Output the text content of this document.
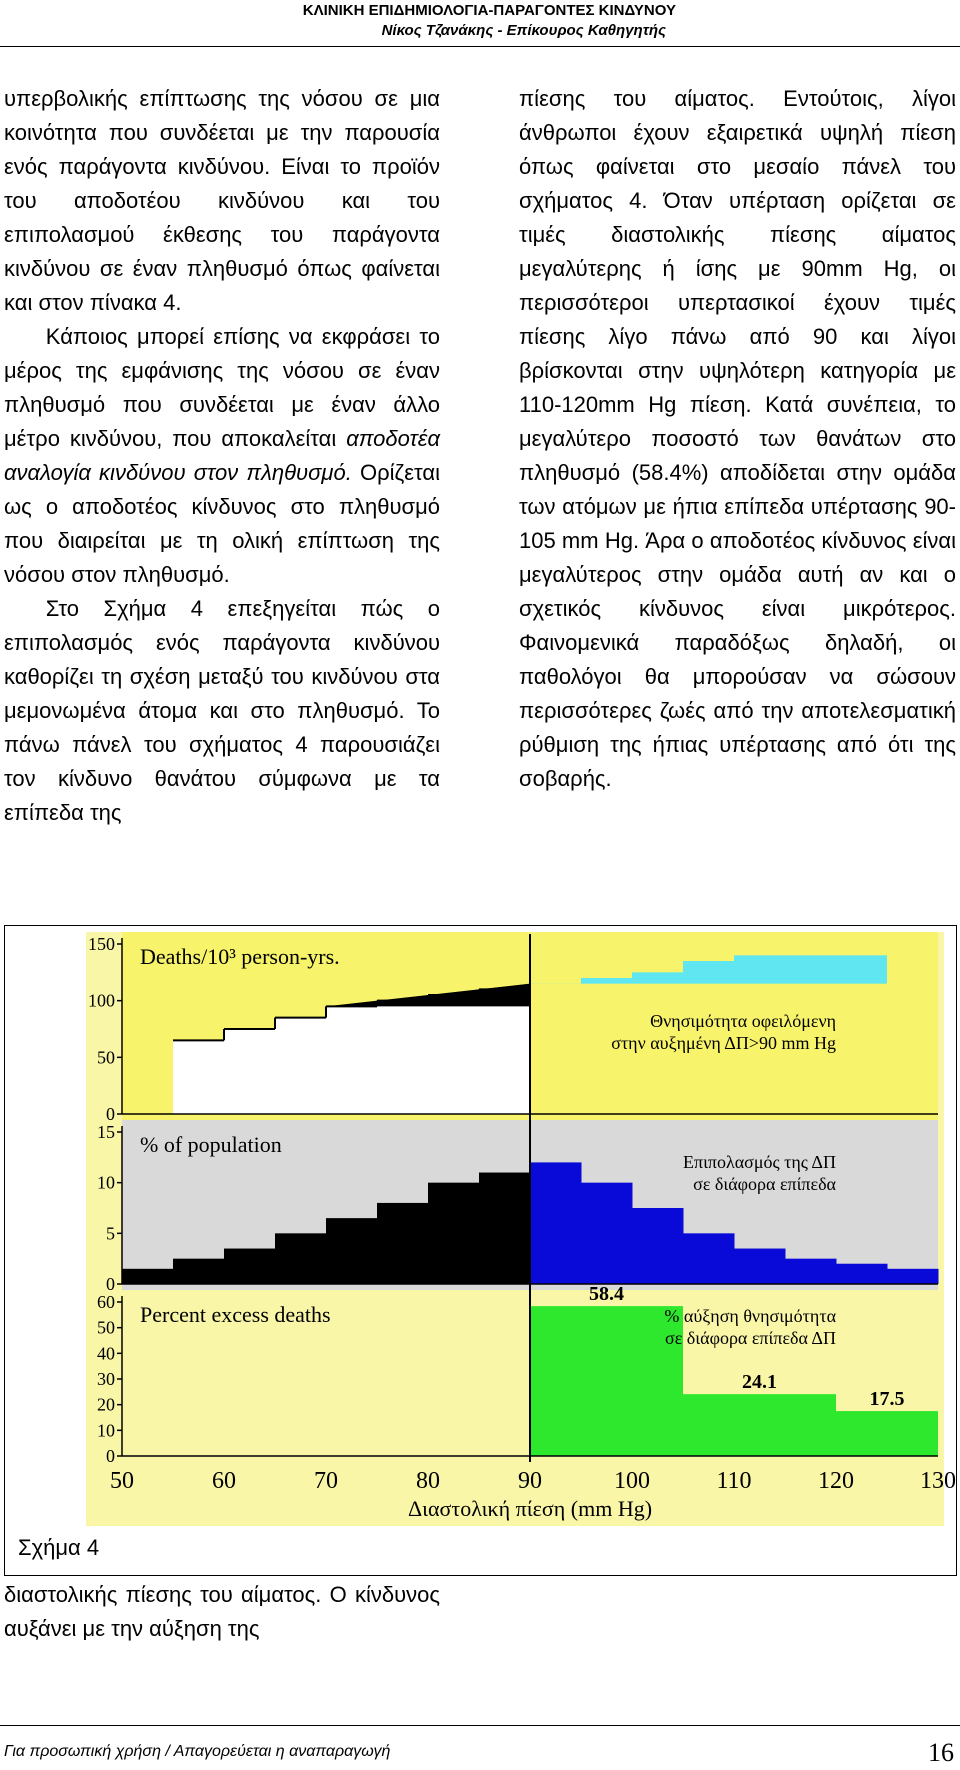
ΚΛΙΝΙΚΗ ΕΠΙΔΗΜΙΟΛΟΓΙΑ-ΠΑΡΑΓΟΝΤΕΣ ΚΙΝΔΥΝΟΥ
Νίκος Τζανάκης - Επίκουρος Καθηγητής

υπερβολικής επίπτωσης της νόσου σε μια κοινότητα που συνδέεται με την παρουσία ενός παράγοντα κινδύνου. Είναι το προϊόν του αποδοτέου κινδύνου και του επιπολασμού έκθεσης του παράγοντα κινδύνου σε έναν πληθυσμό όπως φαίνεται και στον πίνακα 4.

Κάποιος μπορεί επίσης να εκφράσει το μέρος της εμφάνισης της νόσου σε έναν πληθυσμό που συνδέεται με έναν άλλο μέτρο κινδύνου, που αποκαλείται αποδοτέα αναλογία κινδύνου στον πληθυσμό. Ορίζεται ως ο αποδοτέος κίνδυνος στο πληθυσμό που διαιρείται με τη ολική επίπτωση της νόσου στον πληθυσμό.

Στο Σχήμα 4 επεξηγείται πώς ο επιπολασμός ενός παράγοντα κινδύνου καθορίζει τη σχέση μεταξύ του κινδύνου στα μεμονωμένα άτομα και στο πληθυσμό. Το πάνω πάνελ του σχήματος 4 παρουσιάζει τον κίνδυνο θανάτου σύμφωνα με τα επίπεδα της

πίεσης του αίματος. Εντούτοις, λίγοι άνθρωποι έχουν εξαιρετικά υψηλή πίεση όπως φαίνεται στο μεσαίο πάνελ του σχήματος 4. Όταν υπέρταση ορίζεται σε τιμές διαστολικής πίεσης αίματος μεγαλύτερης ή ίσης με 90mm Hg, οι περισσότεροι υπερτασικοί έχουν τιμές πίεσης λίγο πάνω από 90 και λίγοι βρίσκονται στην υψηλότερη κατηγορία με 110-120mm Hg πίεση. Κατά συνέπεια, το μεγαλύτερο ποσοστό των θανάτων στο πληθυσμό (58.4%) αποδίδεται στην ομάδα των ατόμων με ήπια επίπεδα υπέρτασης 90-105 mm Hg. Άρα ο αποδοτέος κίνδυνος είναι μεγαλύτερος στην ομάδα αυτή αν και ο σχετικός κίνδυνος είναι μικρότερος. Φαινομενικά παραδόξως δηλαδή, οι παθολόγοι θα μπορούσαν να σώσουν περισσότερες ζωές από την αποτελεσματική ρύθμιση της ήπιας υπέρτασης από ότι της σοβαρής.

0
50
100
150 Deaths/10³ person-yrs.
Θνησιμότητα οφειλόμενη στην αυξημένη ΔΠ>90 mm Hg
0
5
10
15 % of population
Επιπολασμός της ΔΠ σε διάφορα επίπεδα
58.4
24.1
17.5
0
10
20
30
40
50
60 Percent excess deaths	% αύξηση θνησιμότητα σε διάφορα επίπεδα ΔΠ
50	60	70	80	90	100	110	120	130
Διαστολική πίεση (mm Hg)
Σχήμα 4
διαστολικής πίεσης του αίματος. Ο κίνδυνος αυξάνει με την αύξηση της
Για προσωπική χρήση / Απαγορεύεται η αναπαραγωγή	16
